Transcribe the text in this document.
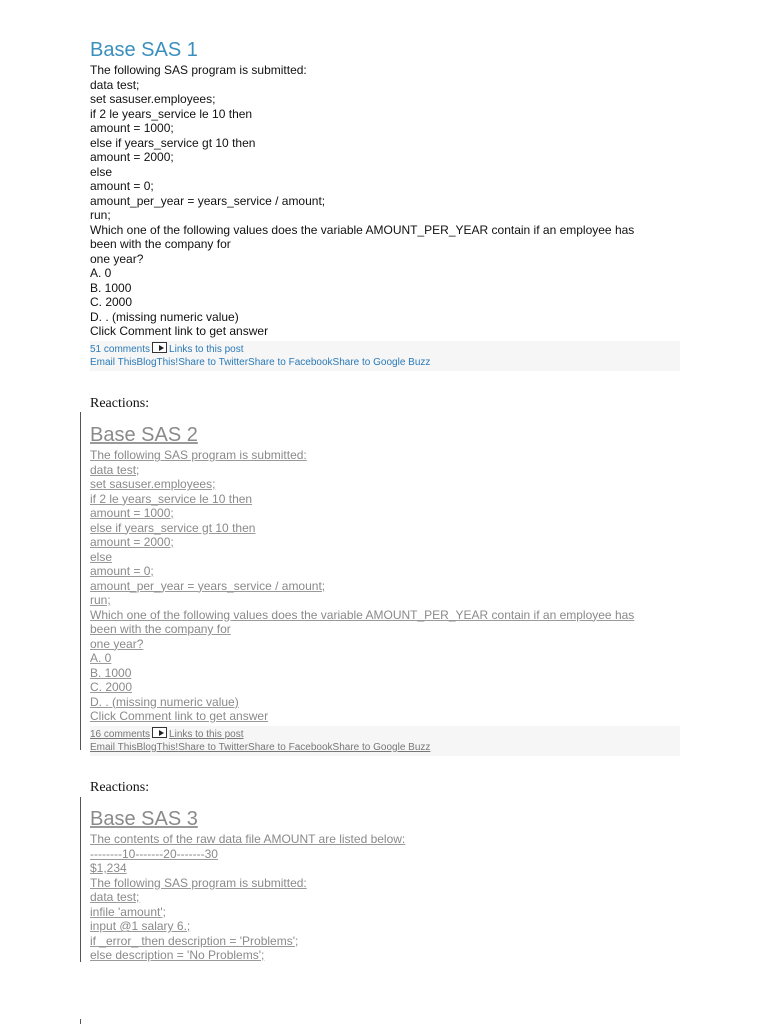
Base SAS 1
The following SAS program is submitted:
data test;
set sasuser.employees;
if 2 le years_service le 10 then
amount = 1000;
else if years_service gt 10 then
amount = 2000;
else
amount = 0;
amount_per_year = years_service / amount;
run;
Which one of the following values does the variable AMOUNT_PER_YEAR contain if an employee has
been with the company for
one year?
A. 0
B. 1000
C. 2000
D. . (missing numeric value)
Click Comment link to get answer
51 comments Links to this post
Email ThisBlogThis!Share to TwitterShare to FacebookShare to Google Buzz
Reactions:
Base SAS 2
The following SAS program is submitted:
data test;
set sasuser.employees;
if 2 le years_service le 10 then
amount = 1000;
else if years_service gt 10 then
amount = 2000;
else
amount = 0;
amount_per_year = years_service / amount;
run;
Which one of the following values does the variable AMOUNT_PER_YEAR contain if an employee has
been with the company for
one year?
A. 0
B. 1000
C. 2000
D. . (missing numeric value)
Click Comment link to get answer
16 comments Links to this post
Email ThisBlogThis!Share to TwitterShare to FacebookShare to Google Buzz
Reactions:
Base SAS 3
The contents of the raw data file AMOUNT are listed below:
--------10-------20-------30
$1,234
The following SAS program is submitted:
data test;
infile 'amount';
input @1 salary 6.;
if _error_ then description = 'Problems';
else description = 'No Problems';
